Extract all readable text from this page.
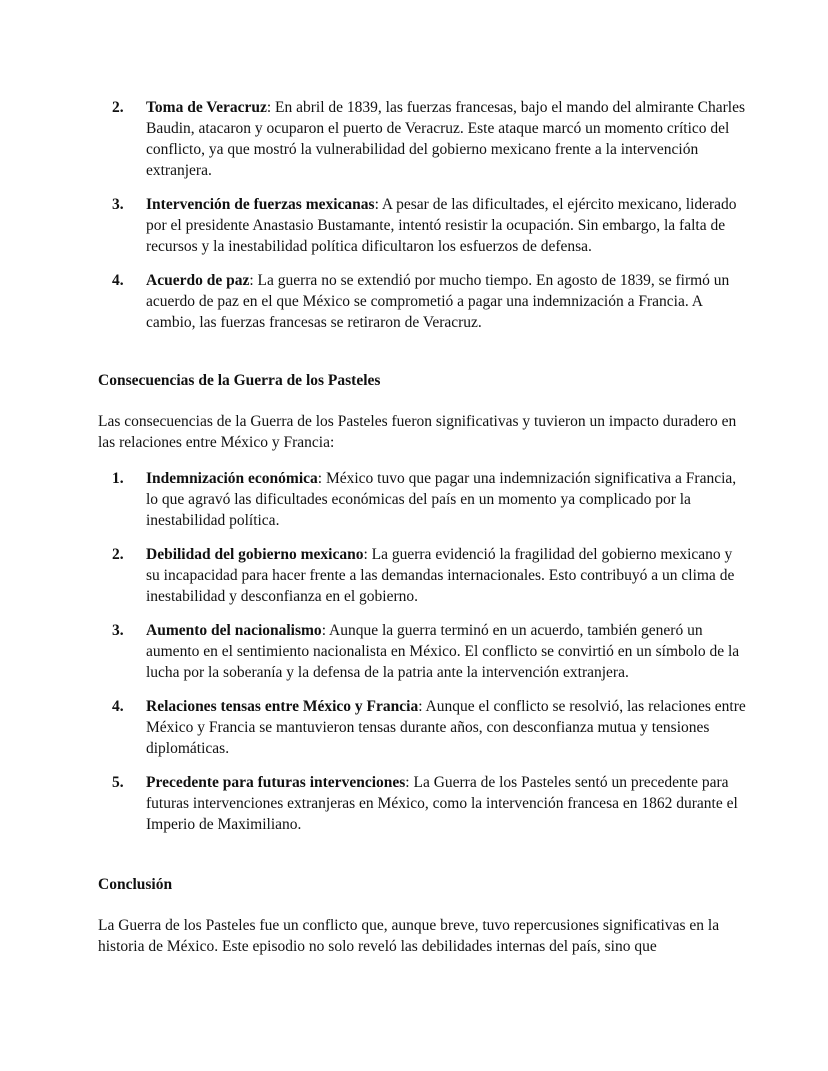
2. Toma de Veracruz: En abril de 1839, las fuerzas francesas, bajo el mando del almirante Charles Baudin, atacaron y ocuparon el puerto de Veracruz. Este ataque marcó un momento crítico del conflicto, ya que mostró la vulnerabilidad del gobierno mexicano frente a la intervención extranjera.

3. Intervención de fuerzas mexicanas: A pesar de las dificultades, el ejército mexicano, liderado por el presidente Anastasio Bustamante, intentó resistir la ocupación. Sin embargo, la falta de recursos y la inestabilidad política dificultaron los esfuerzos de defensa.

4. Acuerdo de paz: La guerra no se extendió por mucho tiempo. En agosto de 1839, se firmó un acuerdo de paz en el que México se comprometió a pagar una indemnización a Francia. A cambio, las fuerzas francesas se retiraron de Veracruz.

Consecuencias de la Guerra de los Pasteles

Las consecuencias de la Guerra de los Pasteles fueron significativas y tuvieron un impacto duradero en las relaciones entre México y Francia:

1. Indemnización económica: México tuvo que pagar una indemnización significativa a Francia, lo que agravó las dificultades económicas del país en un momento ya complicado por la inestabilidad política.

2. Debilidad del gobierno mexicano: La guerra evidenció la fragilidad del gobierno mexicano y su incapacidad para hacer frente a las demandas internacionales. Esto contribuyó a un clima de inestabilidad y desconfianza en el gobierno.

3. Aumento del nacionalismo: Aunque la guerra terminó en un acuerdo, también generó un aumento en el sentimiento nacionalista en México. El conflicto se convirtió en un símbolo de la lucha por la soberanía y la defensa de la patria ante la intervención extranjera.

4. Relaciones tensas entre México y Francia: Aunque el conflicto se resolvió, las relaciones entre México y Francia se mantuvieron tensas durante años, con desconfianza mutua y tensiones diplomáticas.

5. Precedente para futuras intervenciones: La Guerra de los Pasteles sentó un precedente para futuras intervenciones extranjeras en México, como la intervención francesa en 1862 durante el Imperio de Maximiliano.

Conclusión

La Guerra de los Pasteles fue un conflicto que, aunque breve, tuvo repercusiones significativas en la historia de México. Este episodio no solo reveló las debilidades internas del país, sino que
